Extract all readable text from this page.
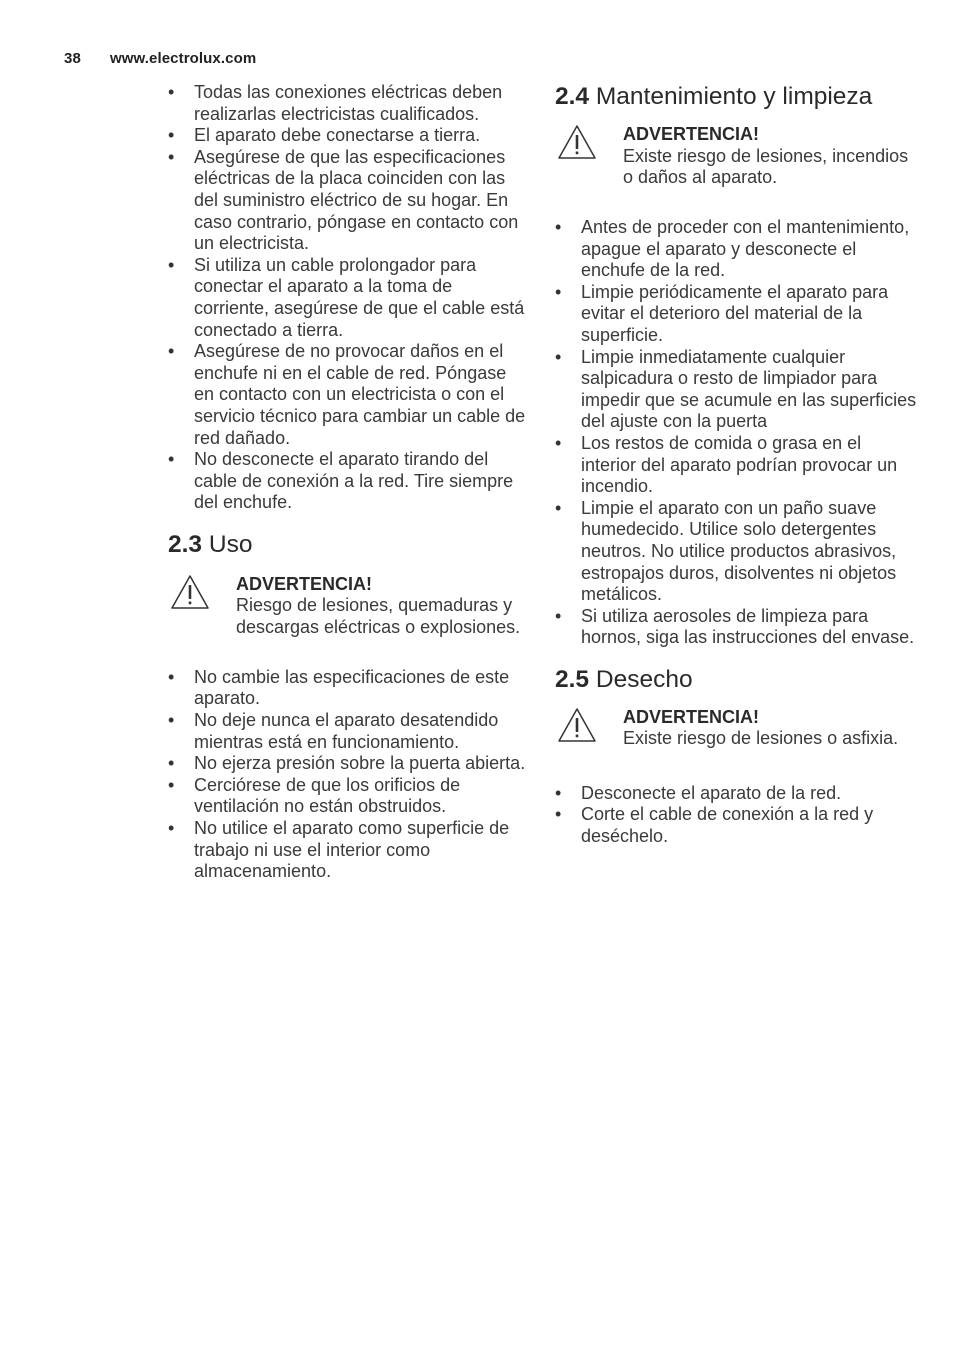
38 www.electrolux.com
• Todas las conexiones eléctricas deben realizarlas electricistas cualificados.
• El aparato debe conectarse a tierra.
• Asegúrese de que las especificaciones eléctricas de la placa coinciden con las del suministro eléctrico de su hogar. En caso contrario, póngase en contacto con un electricista.
• Si utiliza un cable prolongador para conectar el aparato a la toma de corriente, asegúrese de que el cable está conectado a tierra.
• Asegúrese de no provocar daños en el enchufe ni en el cable de red. Póngase en contacto con un electricista o con el servicio técnico para cambiar un cable de red dañado.
• No desconecte el aparato tirando del cable de conexión a la red. Tire siempre del enchufe.
2.3 Uso
ADVERTENCIA!
Riesgo de lesiones, quemaduras y descargas eléctricas o explosiones.
• No cambie las especificaciones de este aparato.
• No deje nunca el aparato desatendido mientras está en funcionamiento.
• No ejerza presión sobre la puerta abierta.
• Cerciórese de que los orificios de ventilación no están obstruidos.
• No utilice el aparato como superficie de trabajo ni use el interior como almacenamiento.
2.4 Mantenimiento y limpieza
ADVERTENCIA!
Existe riesgo de lesiones, incendios o daños al aparato.
• Antes de proceder con el mantenimiento, apague el aparato y desconecte el enchufe de la red.
• Limpie periódicamente el aparato para evitar el deterioro del material de la superficie.
• Limpie inmediatamente cualquier salpicadura o resto de limpiador para impedir que se acumule en las superficies del ajuste con la puerta
• Los restos de comida o grasa en el interior del aparato podrían provocar un incendio.
• Limpie el aparato con un paño suave humedecido. Utilice solo detergentes neutros. No utilice productos abrasivos, estropajos duros, disolventes ni objetos metálicos.
• Si utiliza aerosoles de limpieza para hornos, siga las instrucciones del envase.
2.5 Desecho
ADVERTENCIA!
Existe riesgo de lesiones o asfixia.
• Desconecte el aparato de la red.
• Corte el cable de conexión a la red y deséchelo.
